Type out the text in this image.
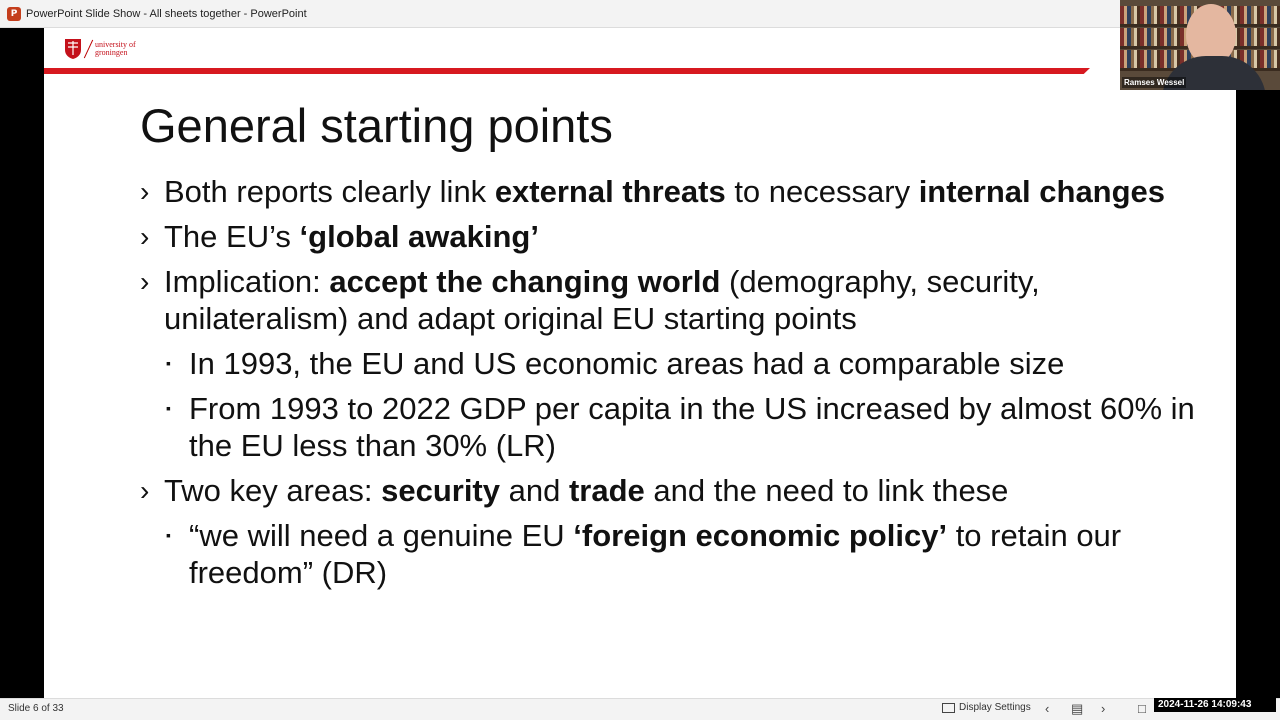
P PowerPoint Slide Show - All sheets together - PowerPoint
university of
groningen
General starting points
› Both reports clearly link external threats to necessary internal changes
› The EU’s ‘global awaking’
› Implication: accept the changing world (demography, security, unilateralism) and adapt original EU starting points
▪ In 1993, the EU and US economic areas had a comparable size
▪ From 1993 to 2022 GDP per capita in the US increased by almost 60% in the EU less than 30% (LR)
› Two key areas: security and trade and the need to link these
▪ “we will need a genuine EU ‘foreign economic policy’ to retain our freedom” (DR)
Ramses Wessel
Slide 6 of 33	Display Settings ‹ ▤ ›	□	2024-11-26 14:09:43
